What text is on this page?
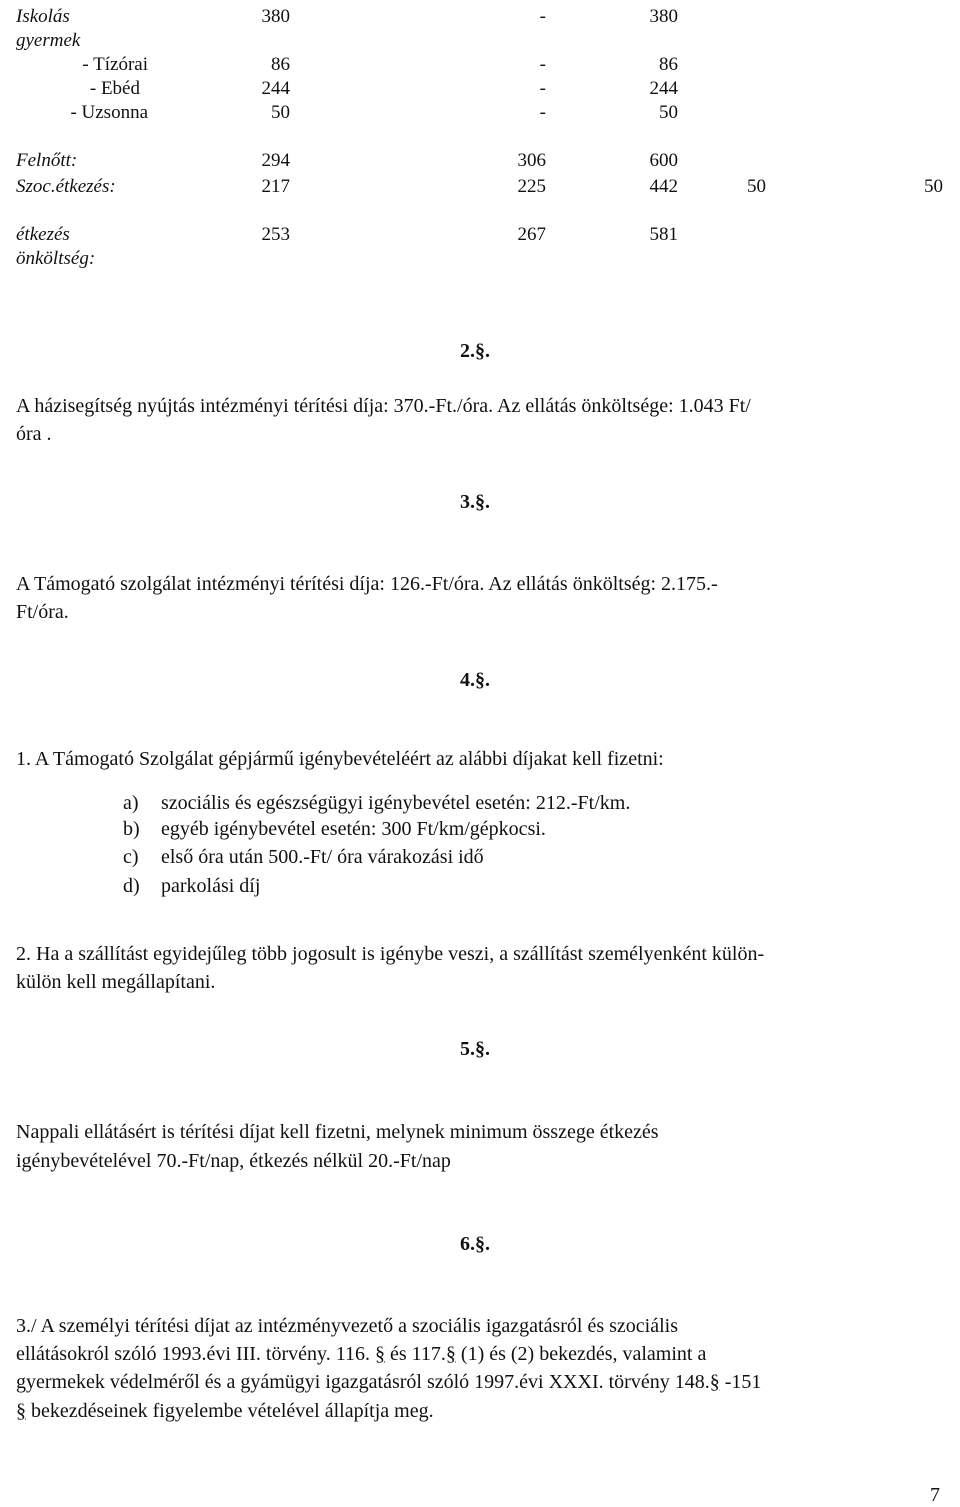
Iskolás	380	-	380
gyermek
- Tízórai	86	-	86
- Ebéd	244	-	244
- Uzsonna	50	-	50
Felnőtt:	294	306	600
Szoc.étkezés:	217	225	442	50	50
étkezés	253	267	581
önköltség:
2.§.
A házisegítség nyújtás intézményi térítési díja: 370.-Ft./óra. Az ellátás önköltsége: 1.043 Ft/
óra .
3.§.
A Támogató szolgálat intézményi térítési díja: 126.-Ft/óra. Az ellátás önköltség: 2.175.-
Ft/óra.
4.§.
1. A Támogató Szolgálat gépjármű igénybevételéért az alábbi díjakat kell fizetni:
a) szociális és egészségügyi igénybevétel esetén: 212.-Ft/km.
b) egyéb igénybevétel esetén: 300 Ft/km/gépkocsi.
c) első óra után 500.-Ft/ óra várakozási idő
d) parkolási díj
2. Ha a szállítást egyidejűleg több jogosult is igénybe veszi, a szállítást személyenként külön-
külön kell megállapítani.
5.§.
Nappali ellátásért is térítési díjat kell fizetni, melynek minimum összege étkezés
igénybevételével 70.-Ft/nap, étkezés nélkül 20.-Ft/nap
6.§.
3./ A személyi térítési díjat az intézményvezető a szociális igazgatásról és szociális
ellátásokról szóló 1993.évi III. törvény. 116. § és 117.§ (1) és (2) bekezdés, valamint a
gyermekek védelméről és a gyámügyi igazgatásról szóló 1997.évi XXXI. törvény 148.§ -151
§ bekezdéseinek figyelembe vételével állapítja meg.
7
